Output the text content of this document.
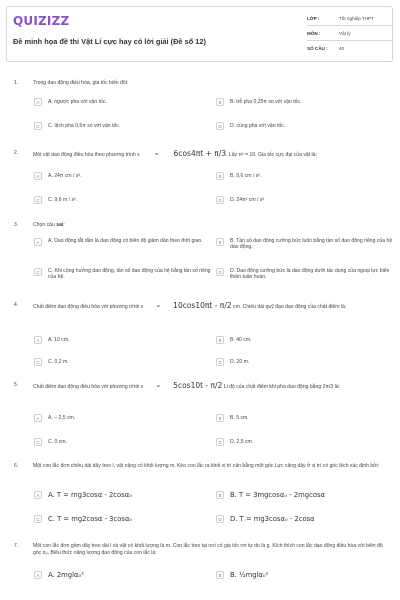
QUIZIZZ
Đề minh họa đề thi Vật Lí cực hay có lời giải (Đề số 12)
LỚP :	Tốt nghiệp THPT
MÔN :	Vật lý
SỐ CÂU :	40
1.	Trong dao động điều hòa, gia tốc biến đổi:
A	A. ngược pha với vận tốc.	B	B. trễ pha 0,25π so với vận tốc.
C	C. lệch pha 0,5π so với vận tốc.	D	D. cùng pha với vận tốc.
2.	Một vật dao động điều hòa theo phương trình x	= 6cos4πt + π/3. Lấy π² = 10. Gia tốc cực đại của vật là:
A	A. 24π cm / s².	B	B. 9,6 cm / s².
C	C. 9,6 m / s².	D	D. 24π² cm / s²
3.	Chọn câu sai:
A	A. Dao động tắt dần là dao động có biên độ giảm dần theo thời gian.	B	B. Tần số dao động cưỡng bức luôn bằng tần số dao động riêng của hệ dao động.
C	C. Khi cộng hưởng dao động, tần số dao động của hệ bằng tần số riêng của hệ.
D	D. Dao động cưỡng bức là dao động dưới tác dụng của ngoại lực biến thiên tuần hoàn.
4.	Chất điểm dao động điều hòa với phương trình x	= 10cos10πt - π/2 cm. Chiều dài quỹ đạo dao động của chất điểm là:
A	A. 10 cm.	B	B. 40 cm.
C	C. 0,2 m.	D	D. 20 m.
5.	Chất điểm dao động điều hòa với phương trình x	= 5cos10t - π/2 Li độ của chất điểm khi pha dao động bằng 2π/3 là:
A	A. – 2,5 cm.	B	B. 5 cm.
C	C. 0 cm.	D	D. 2,5 cm.
6.	Một con lắc đơn chiều dài dây treo l, vật nặng có khối lượng m. Kéo con lắc ra khỏi vị trí cân bằng một góc Lực căng dây ở vị trí có góc lệch xác định bởi:
A	A. T = mg3cosα - 2cosα₀	B	B. T = 3mgcosα₀ - 2mgcosα
C	C. T = mg2cosα - 3cosα₀	D	D. T = mg3cosα₀ - 2cosα
7.	Một con lắc đơn gồm dây treo dài l và vật có khối lượng là m. Con lắc treo tại nơi có gia tốc rơi tự do là g. Kích thích con lắc dao động điều hòa với biên độ góc α₀. Biểu thức năng lượng dao động của con lắc là:
A	A. 2mglα₀²	B	B. ½mglα₀²
